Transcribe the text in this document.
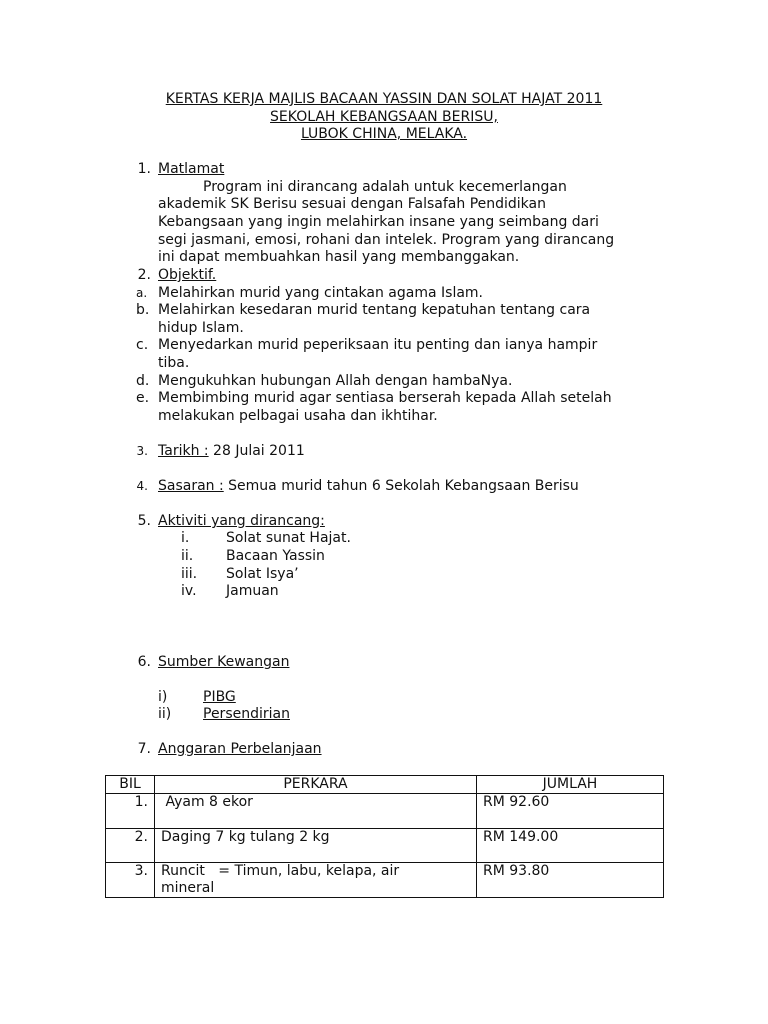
KERTAS KERJA MAJLIS BACAAN YASSIN DAN SOLAT HAJAT 2011
SEKOLAH KEBANGSAAN BERISU,
LUBOK CHINA, MELAKA.
1. Matlamat
Program ini dirancang adalah untuk kecemerlangan
akademik SK Berisu sesuai dengan Falsafah Pendidikan
Kebangsaan yang ingin melahirkan insane yang seimbang dari
segi jasmani, emosi, rohani dan intelek. Program yang dirancang
ini dapat membuahkan hasil yang membanggakan.
2. Objektif.
a. Melahirkan murid yang cintakan agama Islam.
b. Melahirkan kesedaran murid tentang kepatuhan tentang cara
hidup Islam.
c. Menyedarkan murid peperiksaan itu penting dan ianya hampir
tiba.
d. Mengukuhkan hubungan Allah dengan hambaNya.
e. Membimbing murid agar sentiasa berserah kepada Allah setelah
melakukan pelbagai usaha dan ikhtihar.
3. Tarikh : 28 Julai 2011
4. Sasaran : Semua murid tahun 6 Sekolah Kebangsaan Berisu
5. Aktiviti yang dirancang:
i.	Solat sunat Hajat.
ii. Bacaan Yassin
iii. Solat Isya’
iv. Jamuan
6. Sumber Kewangan
i)	PIBG
ii) Persendirian
7. Anggaran Perbelanjaan
BIL	PERKARA	JUMLAH
1.	Ayam 8 ekor	RM 92.60
2.	Daging 7 kg tulang 2 kg	RM 149.00
3.	Runcit   = Timun, labu, kelapa, air
mineral	RM 93.80
